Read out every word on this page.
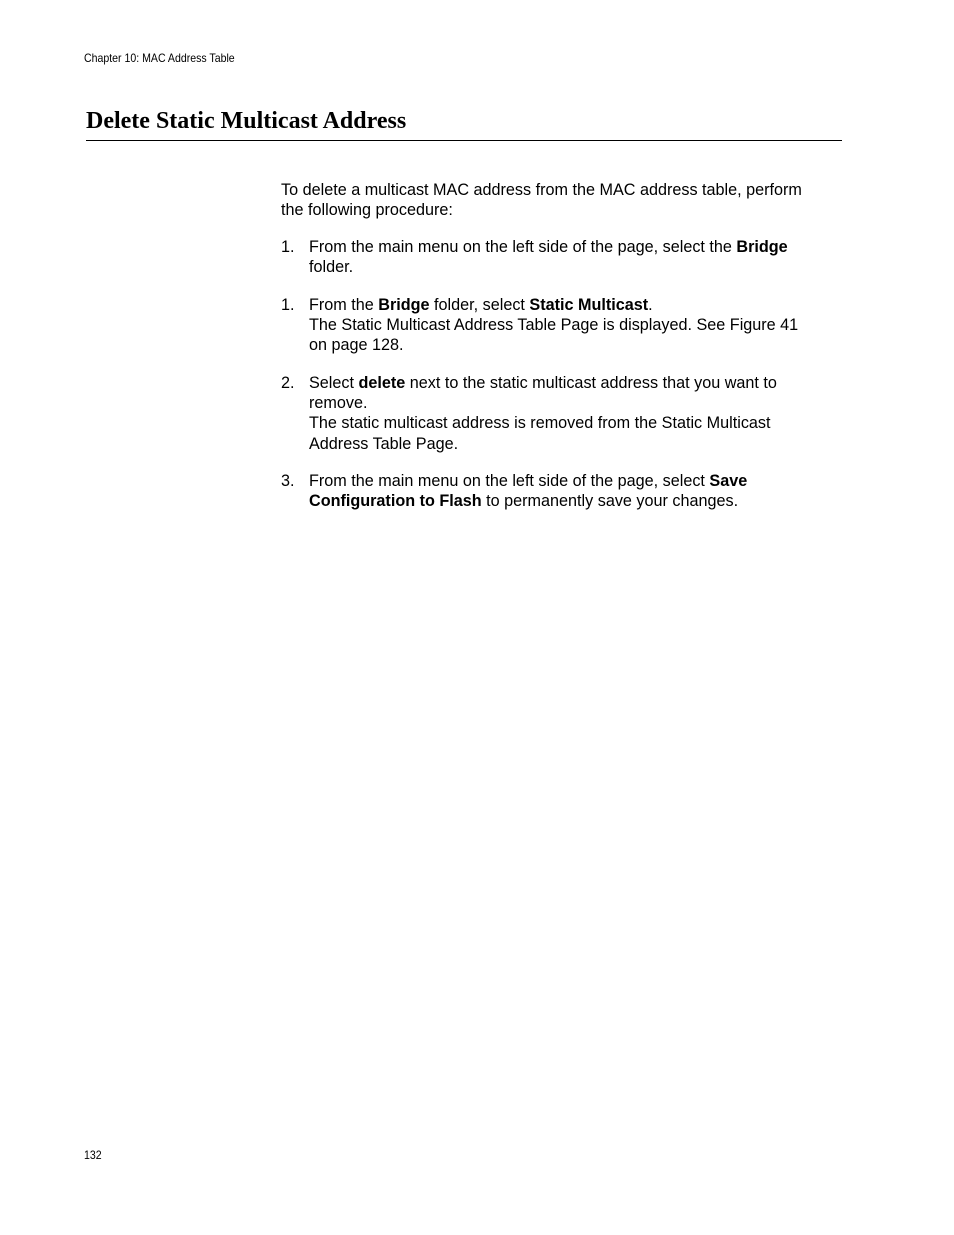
Chapter 10: MAC Address Table
Delete Static Multicast Address

To delete a multicast MAC address from the MAC address table, perform
the following procedure:

1. From the main menu on the left side of the page, select the Bridge
folder.
1. From the Bridge folder, select Static Multicast.
The Static Multicast Address Table Page is displayed. See Figure 41
on page 128.
2. Select delete next to the static multicast address that you want to
remove.
The static multicast address is removed from the Static Multicast
Address Table Page.
3. From the main menu on the left side of the page, select Save
Configuration to Flash to permanently save your changes.
132
